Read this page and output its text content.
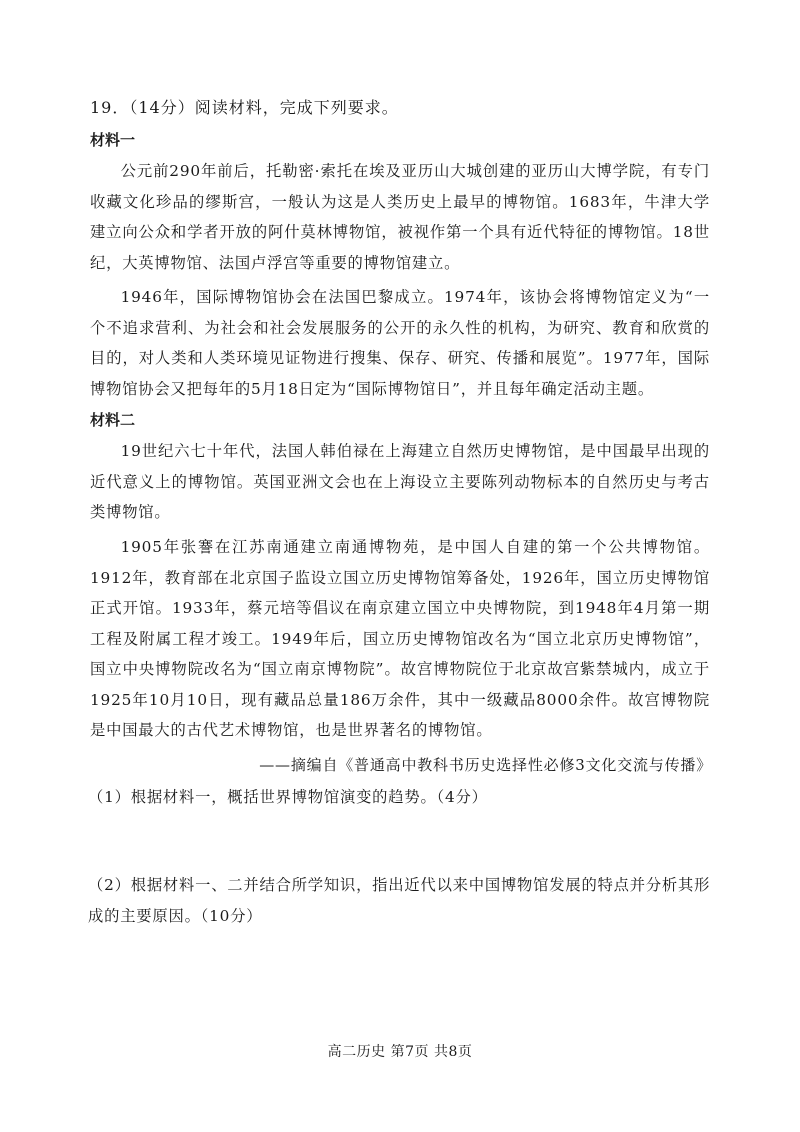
19．（14分）阅读材料，完成下列要求。

材料一

公元前290年前后，托勒密·索托在埃及亚历山大城创建的亚历山大博学院，有专门收藏文化珍品的缪斯宫，一般认为这是人类历史上最早的博物馆。1683年，牛津大学建立向公众和学者开放的阿什莫林博物馆，被视作第一个具有近代特征的博物馆。18世纪，大英博物馆、法国卢浮宫等重要的博物馆建立。

1946年，国际博物馆协会在法国巴黎成立。1974年，该协会将博物馆定义为“一个不追求营利、为社会和社会发展服务的公开的永久性的机构，为研究、教育和欣赏的目的，对人类和人类环境见证物进行搜集、保存、研究、传播和展览”。1977年，国际博物馆协会又把每年的5月18日定为“国际博物馆日”，并且每年确定活动主题。

材料二

19世纪六七十年代，法国人韩伯禄在上海建立自然历史博物馆，是中国最早出现的近代意义上的博物馆。英国亚洲文会也在上海设立主要陈列动物标本的自然历史与考古类博物馆。

1905年张謇在江苏南通建立南通博物苑，是中国人自建的第一个公共博物馆。1912年，教育部在北京国子监设立国立历史博物馆筹备处，1926年，国立历史博物馆正式开馆。1933年，蔡元培等倡议在南京建立国立中央博物院，到1948年4月第一期工程及附属工程才竣工。1949年后，国立历史博物馆改名为“国立北京历史博物馆”，国立中央博物院改名为“国立南京博物院”。故宫博物院位于北京故宫紫禁城内，成立于1925年10月10日，现有藏品总量186万余件，其中一级藏品8000余件。故宫博物院是中国最大的古代艺术博物馆，也是世界著名的博物馆。

——摘编自《普通高中教科书历史选择性必修3文化交流与传播》

（1）根据材料一，概括世界博物馆演变的趋势。（4分）

（2）根据材料一、二并结合所学知识，指出近代以来中国博物馆发展的特点并分析其形成的主要原因。（10分）

高二历史 第7页 共8页
